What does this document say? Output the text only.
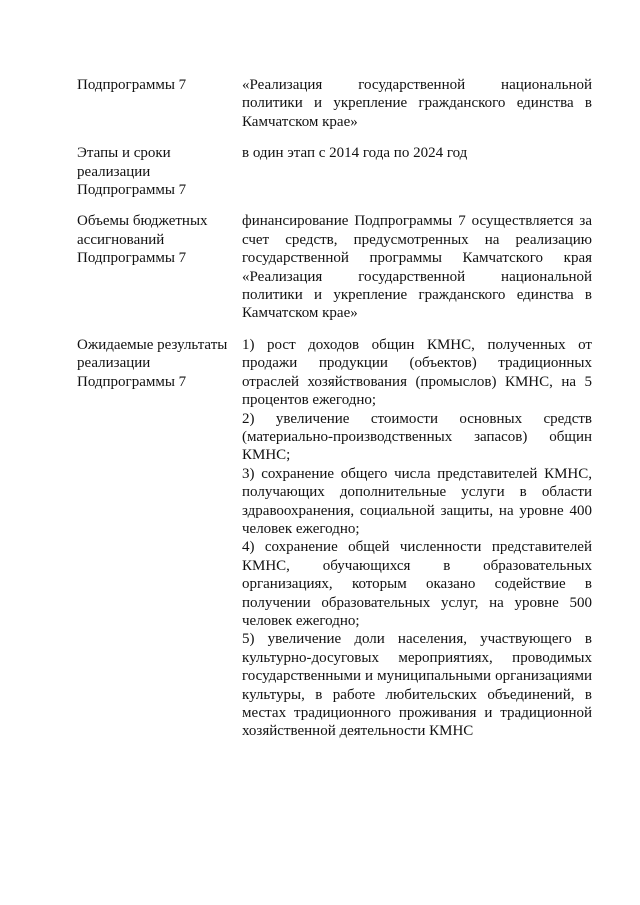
Подпрограммы 7	«Реализация государственной национальной политики и укрепление гражданского единства в Камчатском крае»

Этапы и сроки реализации Подпрограммы 7

в один этап с 2014 года по 2024 год

Объемы бюджетных ассигнований Подпрограммы 7

финансирование Подпрограммы 7 осуществляется за счет средств, предусмотренных на реализацию государственной программы Камчатского края «Реализация государственной национальной политики и укрепление гражданского единства в Камчатском крае»

Ожидаемые результаты реализации Подпрограммы 7

1) рост доходов общин КМНС, полученных от продажи продукции (объектов) традиционных отраслей хозяйствования (промыслов) КМНС, на 5 процентов ежегодно;

2) увеличение стоимости основных средств (материально-производственных запасов) общин КМНС;

3) сохранение общего числа представителей КМНС, получающих дополнительные услуги в области здравоохранения, социальной защиты, на уровне 400 человек ежегодно;

4) сохранение общей численности представителей КМНС, обучающихся в образовательных организациях, которым оказано содействие в получении образовательных услуг, на уровне 500 человек ежегодно;

5) увеличение доли населения, участвующего в культурно-досуговых мероприятиях, проводимых государственными и муниципальными организациями культуры, в работе любительских объединений, в местах традиционного проживания и традиционной хозяйственной деятельности КМНС
